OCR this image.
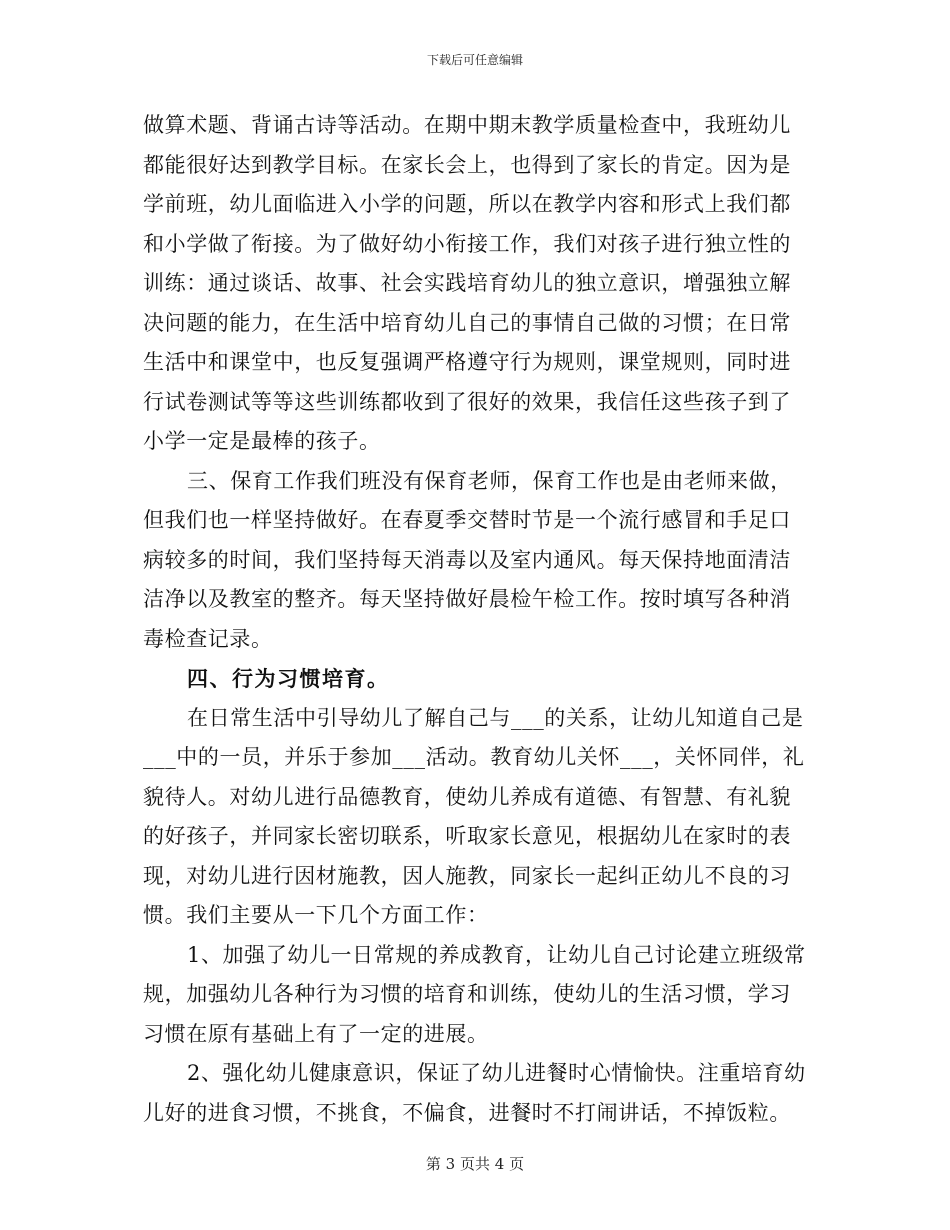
下载后可任意编辑
做算术题、背诵古诗等活动。在期中期末教学质量检查中，我班幼儿
都能很好达到教学目标。在家长会上，也得到了家长的肯定。因为是
学前班，幼儿面临进入小学的问题，所以在教学内容和形式上我们都
和小学做了衔接。为了做好幼小衔接工作，我们对孩子进行独立性的
训练：通过谈话、故事、社会实践培育幼儿的独立意识，增强独立解
决问题的能力，在生活中培育幼儿自己的事情自己做的习惯；在日常
生活中和课堂中，也反复强调严格遵守行为规则，课堂规则，同时进
行试卷测试等等这些训练都收到了很好的效果，我信任这些孩子到了
小学一定是最棒的孩子。
三、保育工作我们班没有保育老师，保育工作也是由老师来做，
但我们也一样坚持做好。在春夏季交替时节是一个流行感冒和手足口
病较多的时间，我们坚持每天消毒以及室内通风。每天保持地面清洁
洁净以及教室的整齐。每天坚持做好晨检午检工作。按时填写各种消
毒检查记录。
四、行为习惯培育。
在日常生活中引导幼儿了解自己与___的关系，让幼儿知道自己是
___中的一员，并乐于参加___活动。教育幼儿关怀___，关怀同伴，礼
貌待人。对幼儿进行品德教育，使幼儿养成有道德、有智慧、有礼貌
的好孩子，并同家长密切联系，听取家长意见，根据幼儿在家时的表
现，对幼儿进行因材施教，因人施教，同家长一起纠正幼儿不良的习
惯。我们主要从一下几个方面工作：
1、加强了幼儿一日常规的养成教育，让幼儿自己讨论建立班级常
规，加强幼儿各种行为习惯的培育和训练，使幼儿的生活习惯，学习
习惯在原有基础上有了一定的进展。
2、强化幼儿健康意识，保证了幼儿进餐时心情愉快。注重培育幼
儿好的进食习惯，不挑食，不偏食，进餐时不打闹讲话，不掉饭粒。
第 3 页共 4 页
